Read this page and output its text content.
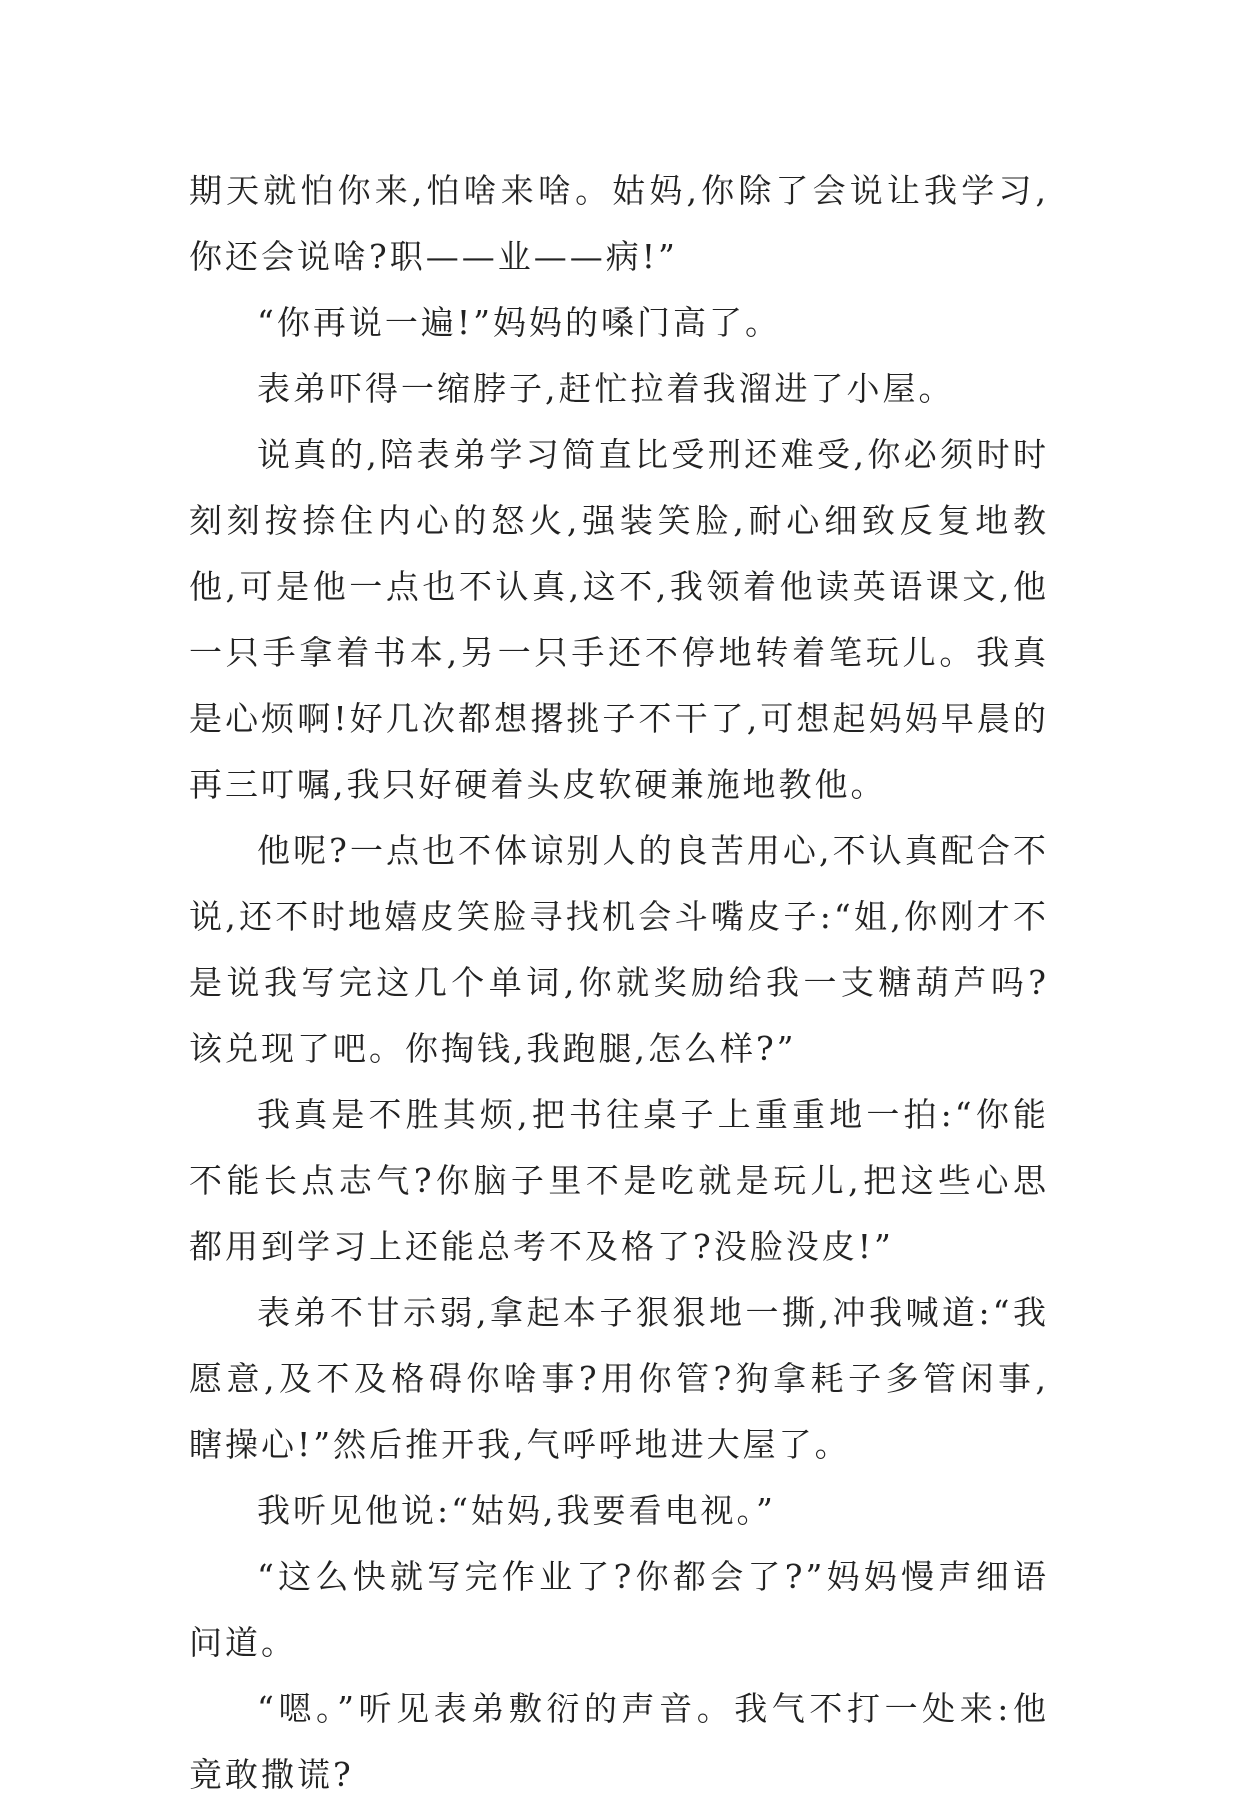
期天就怕你来,怕啥来啥。姑妈,你除了会说让我学习,你还会说啥?职——业——病!”

“你再说一遍!”妈妈的嗓门高了。

表弟吓得一缩脖子,赶忙拉着我溜进了小屋。

说真的,陪表弟学习简直比受刑还难受,你必须时时刻刻按捺住内心的怒火,强装笑脸,耐心细致反复地教他,可是他一点也不认真,这不,我领着他读英语课文,他一只手拿着书本,另一只手还不停地转着笔玩儿。我真是心烦啊!好几次都想撂挑子不干了,可想起妈妈早晨的再三叮嘱,我只好硬着头皮软硬兼施地教他。

他呢?一点也不体谅别人的良苦用心,不认真配合不说,还不时地嬉皮笑脸寻找机会斗嘴皮子:“姐,你刚才不是说我写完这几个单词,你就奖励给我一支糖葫芦吗?该兑现了吧。你掏钱,我跑腿,怎么样?”

我真是不胜其烦,把书往桌子上重重地一拍:“你能不能长点志气?你脑子里不是吃就是玩儿,把这些心思都用到学习上还能总考不及格了?没脸没皮!”

表弟不甘示弱,拿起本子狠狠地一撕,冲我喊道:“我愿意,及不及格碍你啥事?用你管?狗拿耗子多管闲事,瞎操心!”然后推开我,气呼呼地进大屋了。

我听见他说:“姑妈,我要看电视。”

“这么快就写完作业了?你都会了?”妈妈慢声细语问道。

“嗯。”听见表弟敷衍的声音。我气不打一处来:他竟敢撒谎?
